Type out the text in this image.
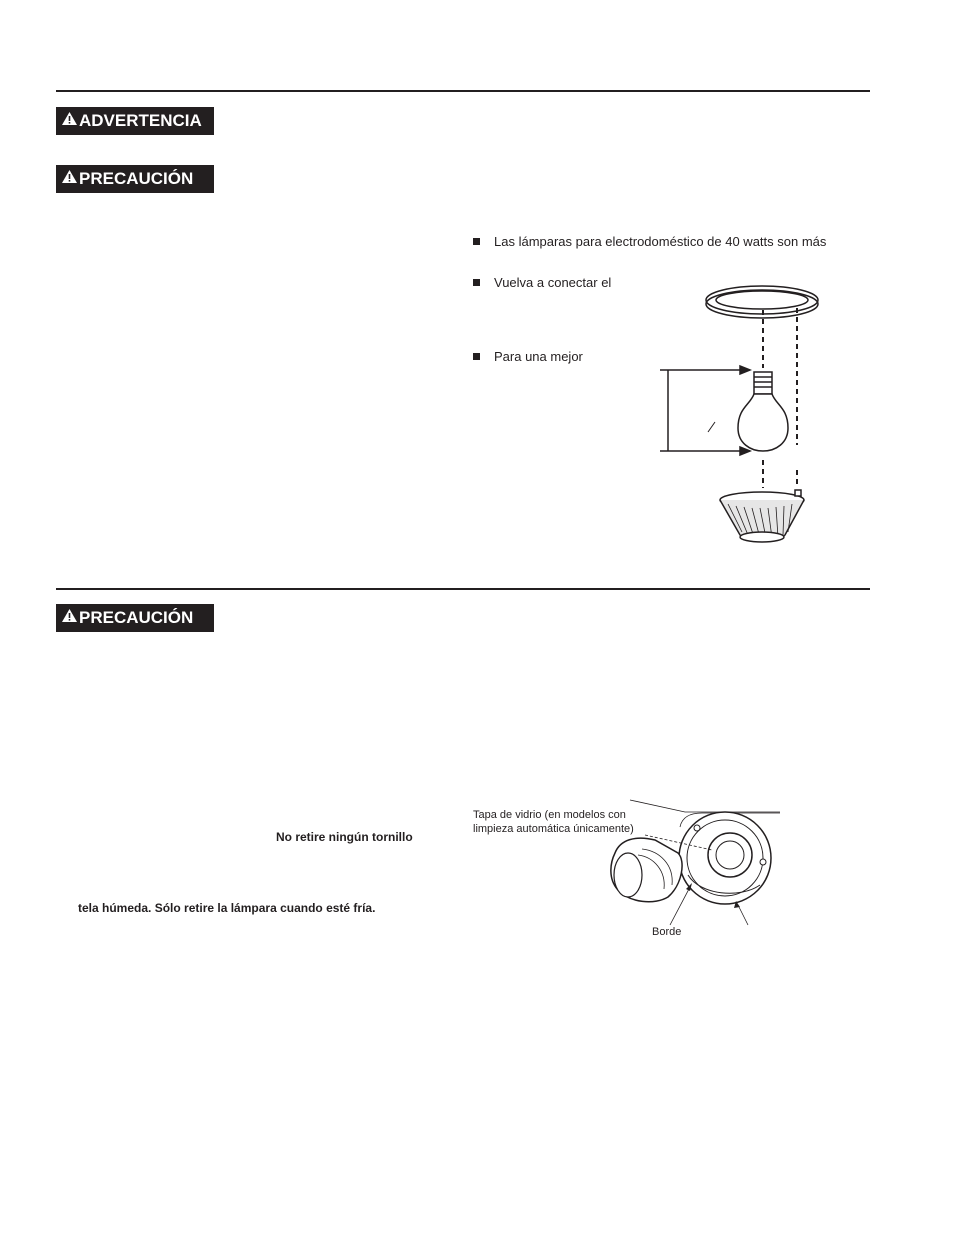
ADVERTENCIA
PRECAUCIÓN
Las lámparas para electrodoméstico de 40 watts son más
Vuelva a conectar el
Para una mejor
PRECAUCIÓN
No retire ningún tornillo
tela húmeda. Sólo retire la lámpara cuando esté fría.
Tapa de vidrio (en modelos con
limpieza automática únicamente)
Borde
